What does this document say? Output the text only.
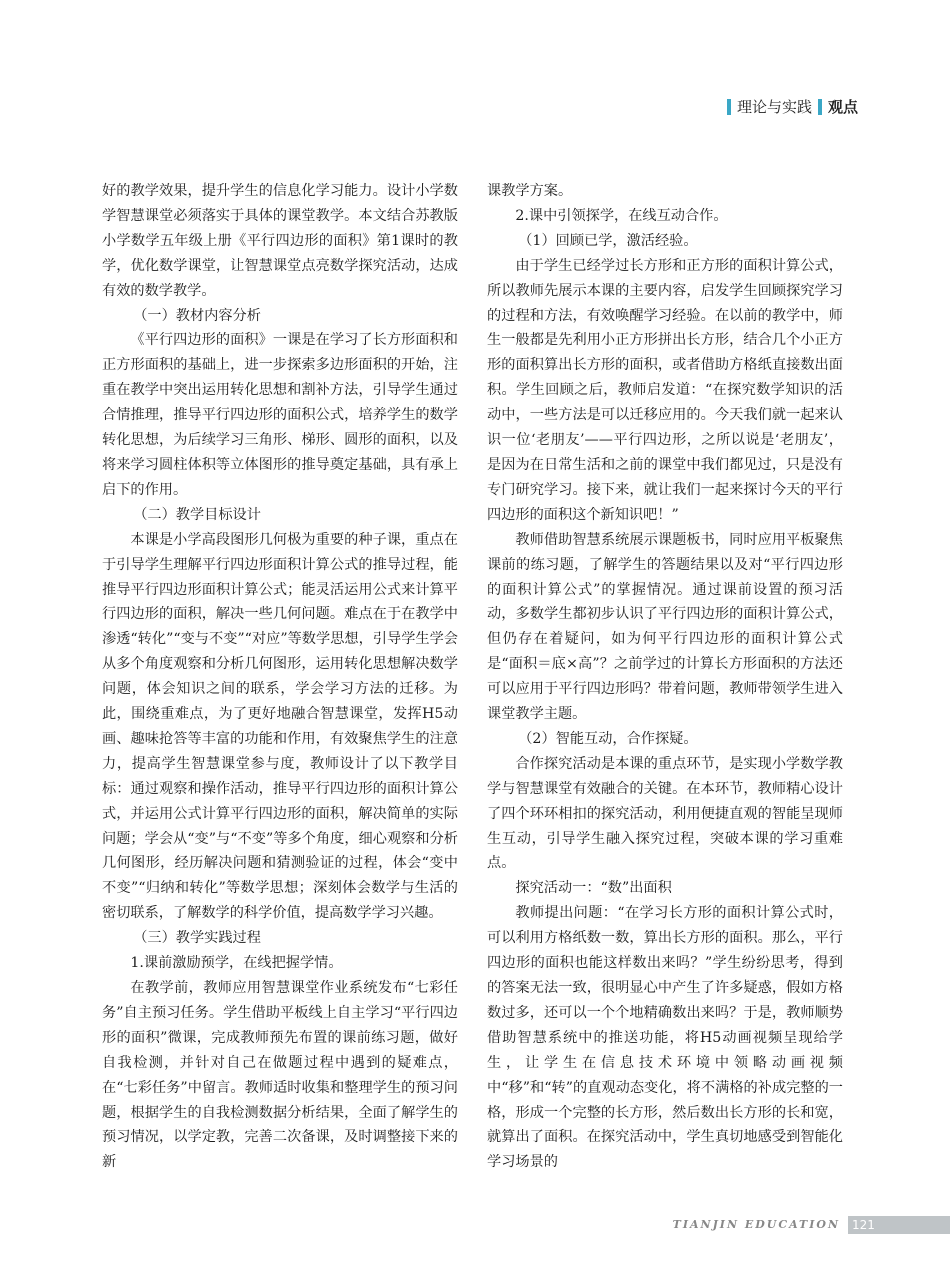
理论与实践 观点

好的教学效果，提升学生的信息化学习能力。设计小学数学智慧课堂必须落实于具体的课堂教学。本文结合苏教版小学数学五年级上册《平行四边形的面积》第1课时的教学，优化数学课堂，让智慧课堂点亮数学探究活动，达成有效的数学教学。

（一）教材内容分析

《平行四边形的面积》一课是在学习了长方形面积和正方形面积的基础上，进一步探索多边形面积的开始，注重在教学中突出运用转化思想和割补方法，引导学生通过合情推理，推导平行四边形的面积公式，培养学生的数学转化思想，为后续学习三角形、梯形、圆形的面积，以及将来学习圆柱体积等立体图形的推导奠定基础，具有承上启下的作用。

（二）教学目标设计

本课是小学高段图形几何极为重要的种子课，重点在于引导学生理解平行四边形面积计算公式的推导过程，能推导平行四边形面积计算公式；能灵活运用公式来计算平行四边形的面积，解决一些几何问题。难点在于在教学中渗透“转化”“变与不变”“对应”等数学思想，引导学生学会从多个角度观察和分析几何图形，运用转化思想解决数学问题，体会知识之间的联系，学会学习方法的迁移。为此，围绕重难点，为了更好地融合智慧课堂，发挥H5动画、趣味抢答等丰富的功能和作用，有效聚焦学生的注意力，提高学生智慧课堂参与度，教师设计了以下教学目标：通过观察和操作活动，推导平行四边形的面积计算公式，并运用公式计算平行四边形的面积，解决简单的实际问题；学会从“变”与“不变”等多个角度，细心观察和分析几何图形，经历解决问题和猜测验证的过程，体会“变中不变”“归纳和转化”等数学思想；深刻体会数学与生活的密切联系，了解数学的科学价值，提高数学学习兴趣。

（三）教学实践过程

1.课前激励预学，在线把握学情。

在教学前，教师应用智慧课堂作业系统发布“七彩任务”自主预习任务。学生借助平板线上自主学习“平行四边形的面积”微课，完成教师预先布置的课前练习题，做好自我检测，并针对自己在做题过程中遇到的疑难点，在“七彩任务”中留言。教师适时收集和整理学生的预习问题，根据学生的自我检测数据分析结果，全面了解学生的预习情况，以学定教，完善二次备课，及时调整接下来的新

课教学方案。

2.课中引领探学，在线互动合作。

（1）回顾已学，激活经验。

由于学生已经学过长方形和正方形的面积计算公式，所以教师先展示本课的主要内容，启发学生回顾探究学习的过程和方法，有效唤醒学习经验。在以前的教学中，师生一般都是先利用小正方形拼出长方形，结合几个小正方形的面积算出长方形的面积，或者借助方格纸直接数出面积。学生回顾之后，教师启发道：“在探究数学知识的活动中，一些方法是可以迁移应用的。今天我们就一起来认识一位‘老朋友’——平行四边形，之所以说是‘老朋友’，是因为在日常生活和之前的课堂中我们都见过，只是没有专门研究学习。接下来，就让我们一起来探讨今天的平行四边形的面积这个新知识吧！”

教师借助智慧系统展示课题板书，同时应用平板聚焦课前的练习题，了解学生的答题结果以及对“平行四边形的面积计算公式”的掌握情况。通过课前设置的预习活动，多数学生都初步认识了平行四边形的面积计算公式，但仍存在着疑问，如为何平行四边形的面积计算公式是“面积＝底×高”？之前学过的计算长方形面积的方法还可以应用于平行四边形吗？带着问题，教师带领学生进入课堂教学主题。

（2）智能互动，合作探疑。

合作探究活动是本课的重点环节，是实现小学数学教学与智慧课堂有效融合的关键。在本环节，教师精心设计了四个环环相扣的探究活动，利用便捷直观的智能呈现师生互动，引导学生融入探究过程，突破本课的学习重难点。

探究活动一：“数”出面积

教师提出问题：“在学习长方形的面积计算公式时，可以利用方格纸数一数，算出长方形的面积。那么，平行四边形的面积也能这样数出来吗？”学生纷纷思考，得到的答案无法一致，很明显心中产生了许多疑惑，假如方格数过多，还可以一个个地精确数出来吗？于是，教师顺势借助智慧系统中的推送功能，将H5动画视频呈现给学生，让学生在信息技术环境中领略动画视频中“移”和“转”的直观动态变化，将不满格的补成完整的一格，形成一个完整的长方形，然后数出长方形的长和宽，就算出了面积。在探究活动中，学生真切地感受到智能化学习场景的

TIANJIN EDUCATION	121
